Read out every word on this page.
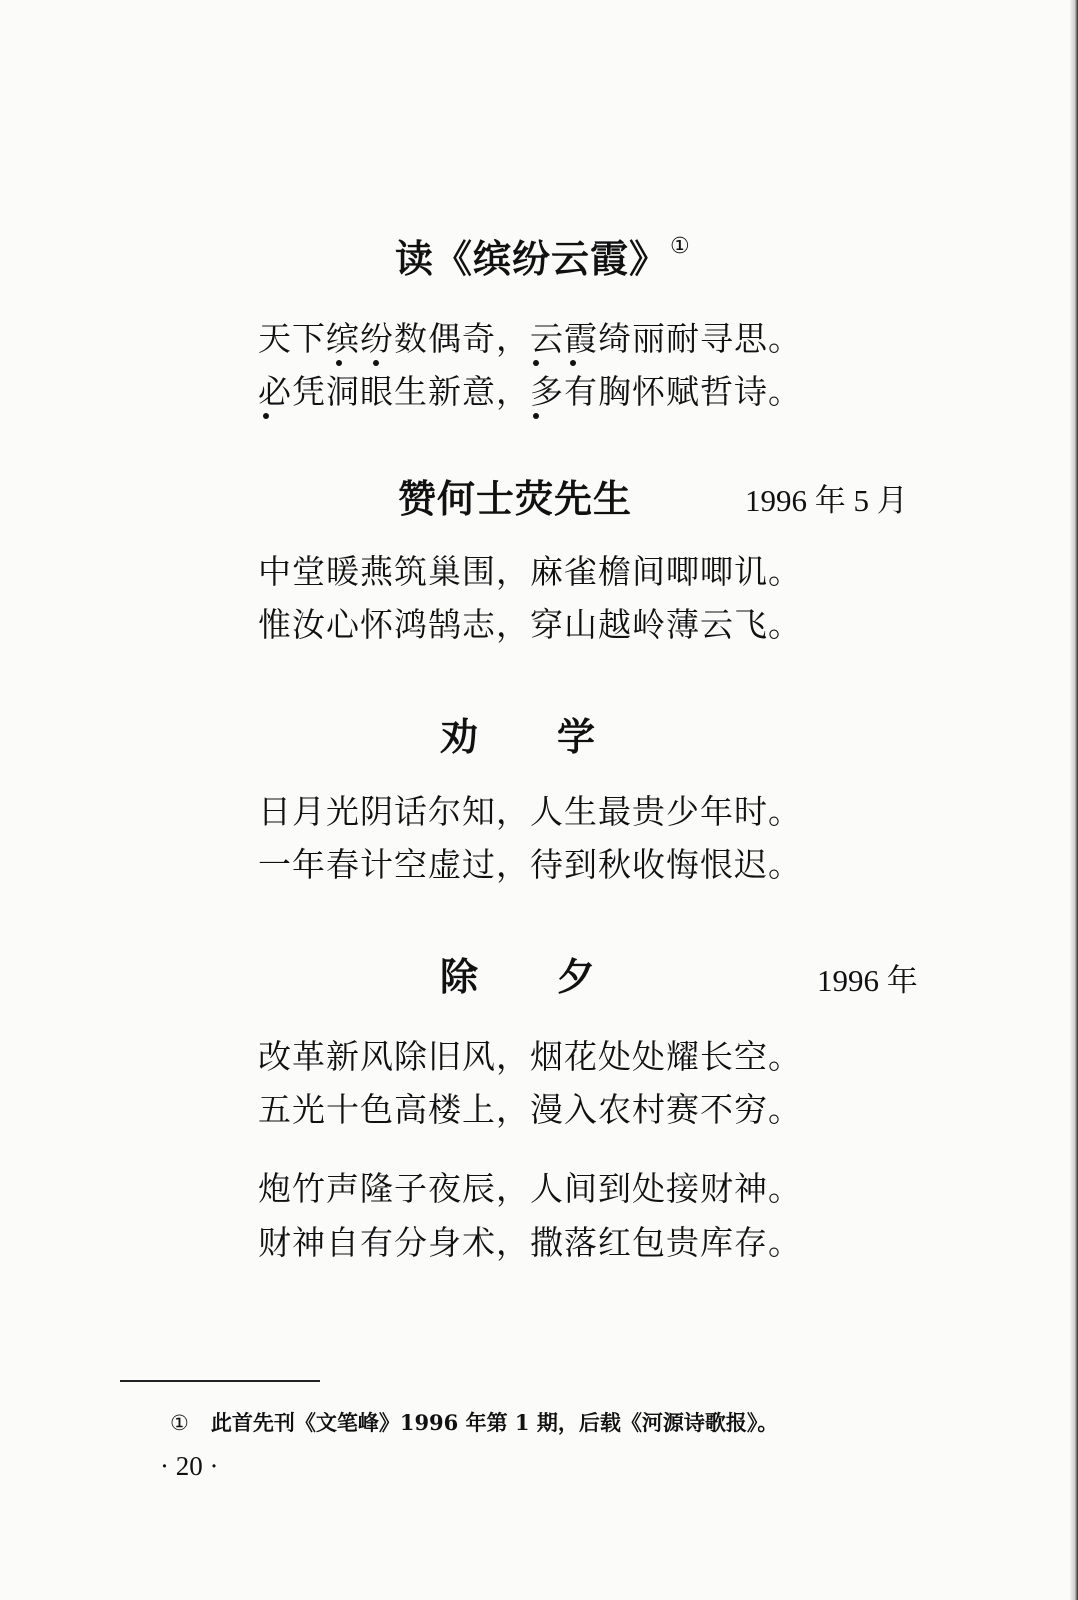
读《缤纷云霞》①
天下缤纷数偶奇，云霞绮丽耐寻思。
必凭洞眼生新意，多有胸怀赋哲诗。
赞何士荧先生	1996 年 5 月
中堂暖燕筑巢围，麻雀檐间唧唧讥。
惟汝心怀鸿鹄志，穿山越岭薄云飞。
劝　　学
日月光阴话尔知，人生最贵少年时。
一年春计空虚过，待到秋收悔恨迟。
除　　夕	1996 年
改革新风除旧风，烟花处处耀长空。
五光十色高楼上，漫入农村赛不穷。
炮竹声隆子夜辰，人间到处接财神。
财神自有分身术，撒落红包贵库存。
① 此首先刊《文笔峰》1996 年第 1 期，后载《河源诗歌报》。
· 20 ·
